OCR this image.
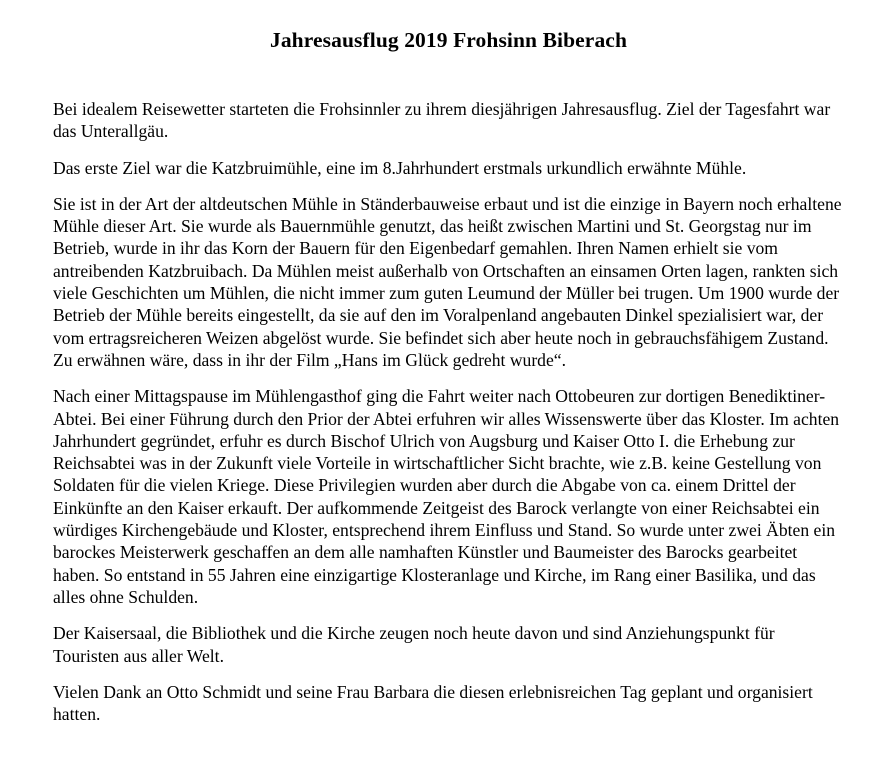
Jahresausflug 2019 Frohsinn Biberach

Bei idealem Reisewetter starteten die Frohsinnler zu ihrem diesjährigen Jahresausflug. Ziel der Tagesfahrt war das Unterallgäu.

Das erste Ziel war die Katzbruimühle, eine im 8.Jahrhundert erstmals urkundlich erwähnte Mühle.

Sie ist in der Art der altdeutschen Mühle in Ständerbauweise erbaut und ist die einzige in Bayern noch erhaltene Mühle dieser Art. Sie wurde als Bauernmühle genutzt, das heißt zwischen Martini und St. Georgstag nur im Betrieb, wurde in ihr das Korn der Bauern für den Eigenbedarf gemahlen. Ihren Namen erhielt sie vom antreibenden Katzbruibach. Da Mühlen meist außerhalb von Ortschaften an einsamen Orten lagen, rankten sich viele Geschichten um Mühlen, die nicht immer zum guten Leumund der Müller bei trugen. Um 1900 wurde der Betrieb der Mühle bereits eingestellt, da sie auf den im Voralpenland angebauten Dinkel spezialisiert war, der vom ertragsreicheren Weizen abgelöst wurde. Sie befindet sich aber heute noch in gebrauchsfähigem Zustand. Zu erwähnen wäre, dass in ihr der Film „Hans im Glück gedreht wurde“.

Nach einer Mittagspause im Mühlengasthof ging die Fahrt weiter nach Ottobeuren zur dortigen Benediktiner-Abtei. Bei einer Führung durch den Prior der Abtei erfuhren wir alles Wissenswerte über das Kloster. Im achten Jahrhundert gegründet, erfuhr es durch Bischof Ulrich von Augsburg und Kaiser Otto I. die Erhebung zur Reichsabtei was in der Zukunft viele Vorteile in wirtschaftlicher Sicht brachte, wie z.B. keine Gestellung von Soldaten für die vielen Kriege. Diese Privilegien wurden aber durch die Abgabe von ca. einem Drittel der Einkünfte an den Kaiser erkauft. Der aufkommende Zeitgeist des Barock verlangte von einer Reichsabtei ein würdiges Kirchengebäude und Kloster, entsprechend ihrem Einfluss und Stand. So wurde unter zwei Äbten ein barockes Meisterwerk geschaffen an dem alle namhaften Künstler und Baumeister des Barocks gearbeitet haben. So entstand in 55 Jahren eine einzigartige Klosteranlage und Kirche, im Rang einer Basilika, und das alles ohne Schulden.

Der Kaisersaal, die Bibliothek und die Kirche zeugen noch heute davon und sind Anziehungspunkt für Touristen aus aller Welt.

Vielen Dank an Otto Schmidt und seine Frau Barbara die diesen erlebnisreichen Tag geplant und organisiert hatten.
